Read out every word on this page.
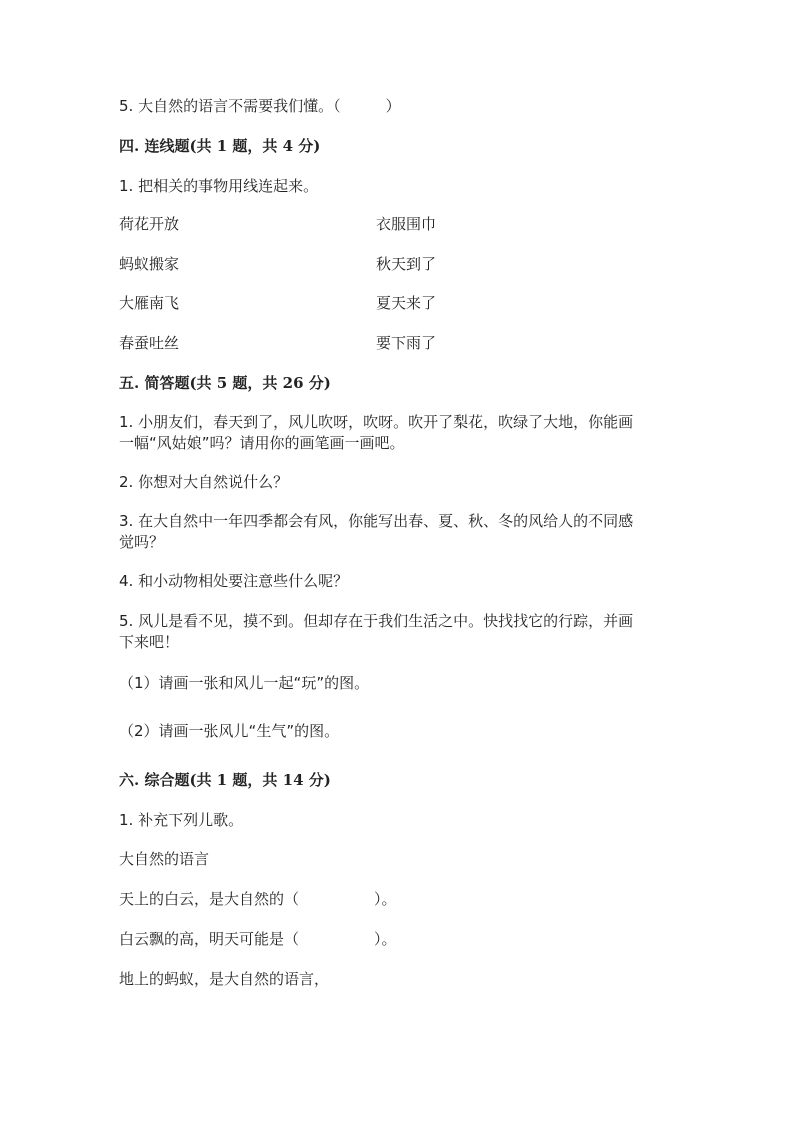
5. 大自然的语言不需要我们懂。（　　　）
四. 连线题(共 1 题，共 4 分)
1. 把相关的事物用线连起来。
荷花开放	衣服围巾
蚂蚁搬家	秋天到了
大雁南飞	夏天来了
春蚕吐丝	要下雨了
五. 简答题(共 5 题，共 26 分)
1. 小朋友们，春天到了，风儿吹呀，吹呀。吹开了梨花，吹绿了大地，你能画
一幅“风姑娘”吗？请用你的画笔画一画吧。
2. 你想对大自然说什么？
3. 在大自然中一年四季都会有风，你能写出春、夏、秋、冬的风给人的不同感
觉吗？
4. 和小动物相处要注意些什么呢？
5. 风儿是看不见，摸不到。但却存在于我们生活之中。快找找它的行踪，并画
下来吧！
（1）请画一张和风儿一起“玩”的图。
（2）请画一张风儿“生气”的图。
六. 综合题(共 1 题，共 14 分)
1. 补充下列儿歌。
大自然的语言
天上的白云，是大自然的（　　　　　）。
白云飘的高，明天可能是（　　　　　）。
地上的蚂蚁，是大自然的语言，
